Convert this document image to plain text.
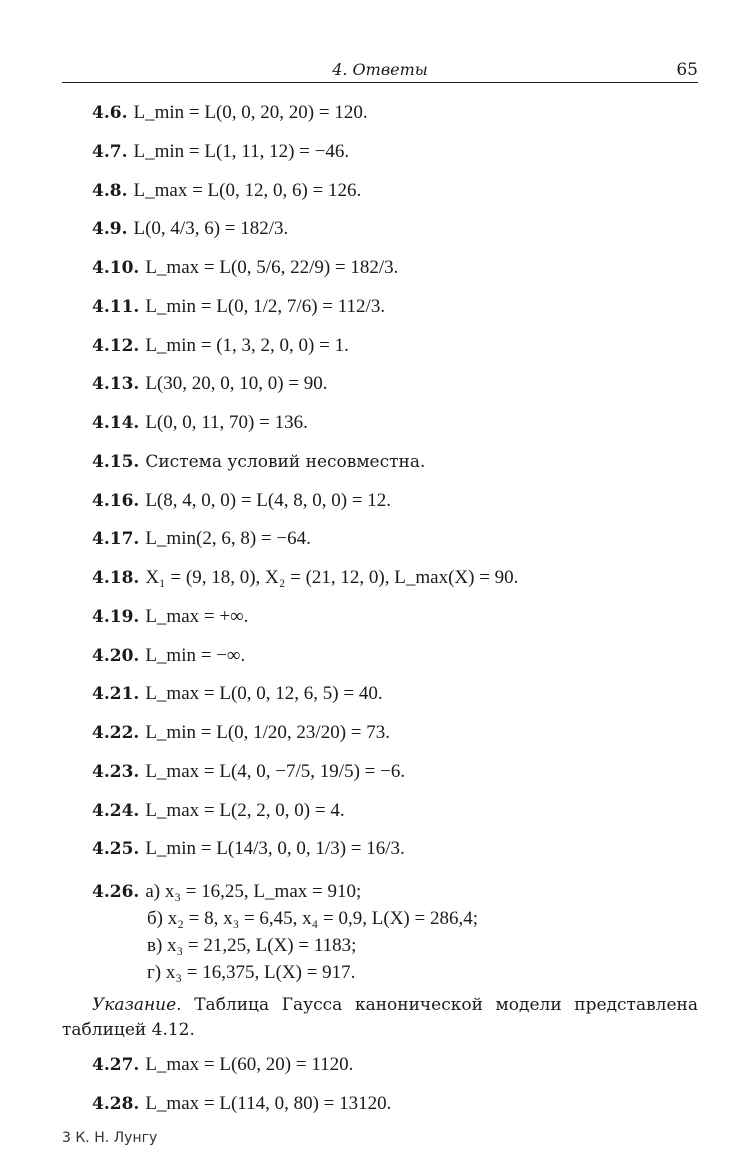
4. Ответы	65
4.6. L_min = L(0, 0, 20, 20) = 120.
4.7. L_min = L(1, 11, 12) = −46.
4.8. L_max = L(0, 12, 0, 6) = 126.
4.9. L(0, 4/3, 6) = 182/3.
4.10. L_max = L(0, 5/6, 22/9) = 182/3.
4.11. L_min = L(0, 1/2, 7/6) = 112/3.
4.12. L_min = (1, 3, 2, 0, 0) = 1.
4.13. L(30, 20, 0, 10, 0) = 90.
4.14. L(0, 0, 11, 70) = 136.
4.15. Система условий несовместна.
4.16. L(8, 4, 0, 0) = L(4, 8, 0, 0) = 12.
4.17. L_min(2, 6, 8) = −64.
4.18. X₁ = (9, 18, 0), X₂ = (21, 12, 0), L_max(X) = 90.
4.19. L_max = +∞.
4.20. L_min = −∞.
4.21. L_max = L(0, 0, 12, 6, 5) = 40.
4.22. L_min = L(0, 1/20, 23/20) = 73.
4.23. L_max = L(4, 0, −7/5, 19/5) = −6.
4.24. L_max = L(2, 2, 0, 0) = 4.
4.25. L_min = L(14/3, 0, 0, 1/3) = 16/3.
4.26. а) x₃ = 16,25, L_max = 910;
б) x₂ = 8, x₃ = 6,45, x₄ = 0,9, L(X) = 286,4;
в) x₃ = 21,25, L(X) = 1183;
г) x₃ = 16,375, L(X) = 917.
Указание. Таблица Гаусса канонической модели представлена таблицей 4.12.
4.27. L_max = L(60, 20) = 1120.
4.28. L_max = L(114, 0, 80) = 13120.
3 К. Н. Лунгу
